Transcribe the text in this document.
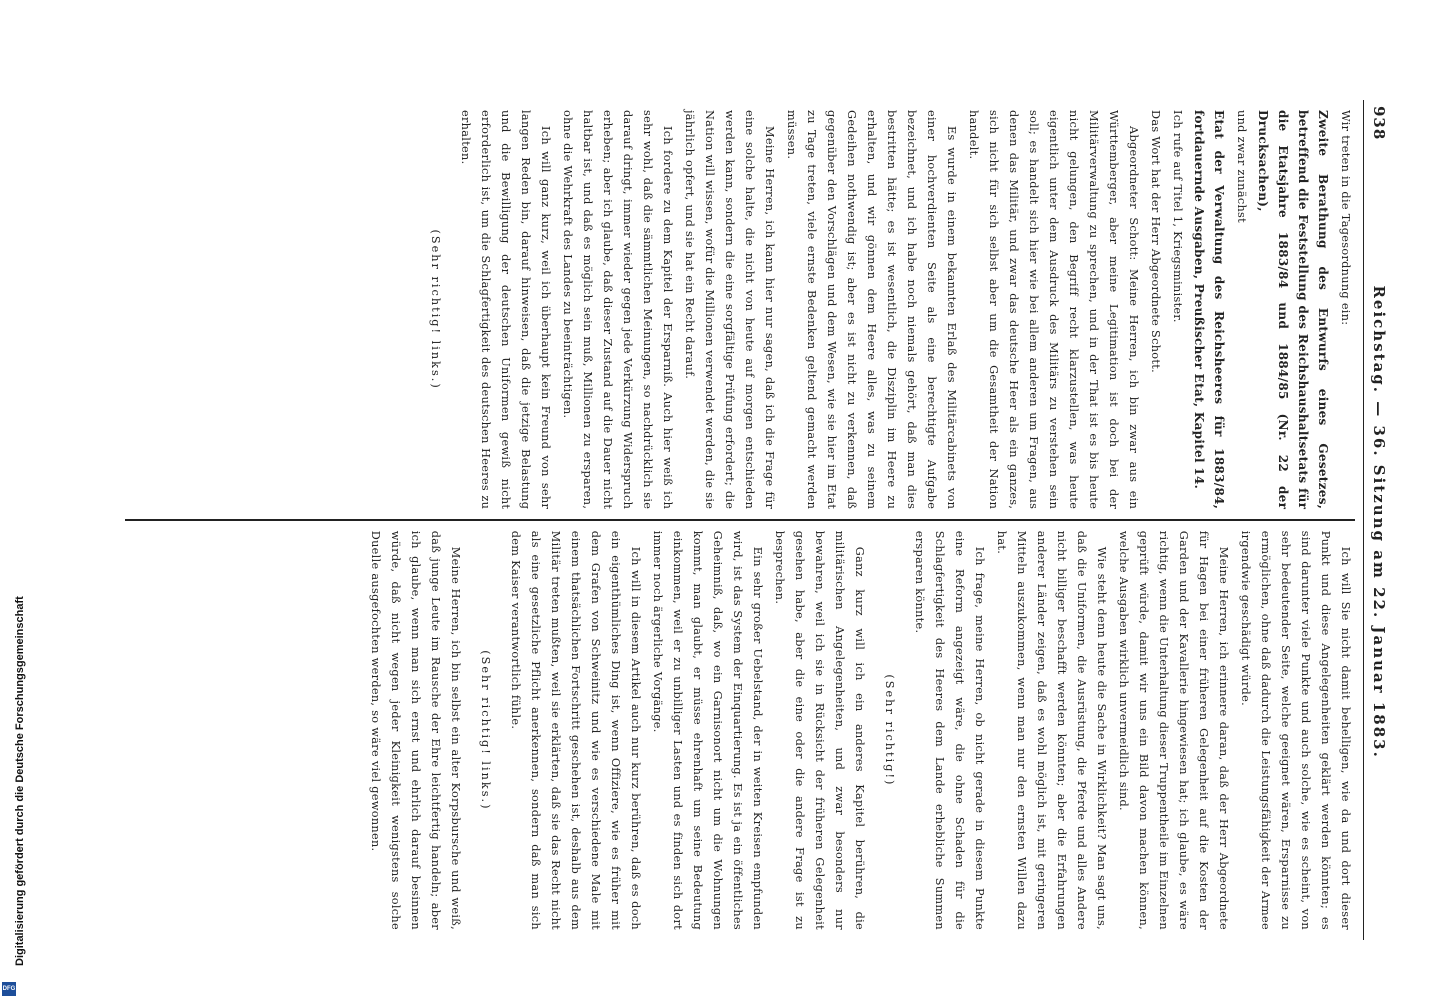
Digitalisierung gefördert durch die Deutsche Forschungsgemeinschaft
DFG
938
Reichstag. — 36. Sitzung am 22. Januar 1883.

Wir treten in die Tagesordnung ein:

Zweite Berathung des Entwurfs eines Gesetzes, betreffend die Feststellung des Reichshaushaltsetats für die Etatsjahre 1883/84 und 1884/85 (Nr. 22 der Drucksachen),

und zwar zunächst

Etat der Verwaltung des Reichsheeres für 1883/84, fortdauernde Ausgaben, Preußischer Etat, Kapitel 14.

Ich rufe auf Titel 1, Kriegsminister.

Das Wort hat der Herr Abgeordnete Schott.

Abgeordneter Schott: Meine Herren, ich bin zwar aus ein Württemberger, aber meine Legitimation ist doch bei der Militärverwaltung zu sprechen, und in der That ist es bis heute nicht gelungen, den Begriff recht klarzustellen, was heute eigentlich unter dem Ausdruck des Militärs zu verstehen sein soll; es handelt sich hier wie bei allem anderen um Fragen, aus denen das Militär, und zwar das deutsche Heer als ein ganzes, sich nicht für sich selbst aber um die Gesamtheit der Nation handelt.

Es wurde in einem bekannten Erlaß des Militärcabinets von einer hochverdienten Seite als eine berechtigte Aufgabe bezeichnet, und ich habe noch niemals gehört, daß man dies bestritten hätte; es ist wesentlich, die Disziplin im Heere zu erhalten, und wir gönnen dem Heere alles, was zu seinem Gedeihen nothwendig ist; aber es ist nicht zu verkennen, daß gegenüber den Vorschlägen und dem Wesen, wie sie hier im Etat zu Tage treten, viele ernste Bedenken geltend gemacht werden müssen.

Meine Herren, ich kann hier nur sagen, daß ich die Frage für eine solche halte, die nicht von heute auf morgen entschieden werden kann, sondern die eine sorgfältige Prüfung erfordert; die Nation will wissen, wofür die Millionen verwendet werden, die sie jährlich opfert, und sie hat ein Recht darauf.

Ich fordere zu dem Kapitel der Ersparniß. Auch hier weiß ich sehr wohl, daß die sämmtlichen Meinungen, so nachdrücklich sie darauf dringt, immer wieder gegen jede Verkürzung Widerspruch erheben; aber ich glaube, daß dieser Zustand auf die Dauer nicht haltbar ist, und daß es möglich sein muß, Millionen zu ersparen, ohne die Wehrkraft des Landes zu beeinträchtigen.

Ich will ganz kurz, weil ich überhaupt kein Freund von sehr langen Reden bin, darauf hinweisen, daß die jetzige Belastung und die Bewilligung der deutschen Uniformen gewiß nicht erforderlich ist, um die Schlagfertigkeit des deutschen Heeres zu erhalten.

(Sehr richtig! links.)

Ich will Sie nicht damit behelligen, wie da und dort dieser Punkt und diese Angelegenheiten geklärt werden könnten; es sind darunter viele Punkte und auch solche, wie es scheint, von sehr bedeutender Seite, welche geeignet wären, Ersparnisse zu ermöglichen, ohne daß dadurch die Leistungsfähigkeit der Armee irgendwie geschädigt würde.

Meine Herren, ich erinnere daran, daß der Herr Abgeordnete für Hagen bei einer früheren Gelegenheit auf die Kosten der Garden und der Kavallerie hingewiesen hat; ich glaube, es wäre richtig, wenn die Unterhaltung dieser Truppentheile im Einzelnen geprüft würde, damit wir uns ein Bild davon machen können, welche Ausgaben wirklich unvermeidlich sind.

Wie steht denn heute die Sache in Wirklichkeit? Man sagt uns, daß die Uniformen, die Ausrüstung, die Pferde und alles Andere nicht billiger beschafft werden könnten; aber die Erfahrungen anderer Länder zeigen, daß es wohl möglich ist, mit geringeren Mitteln auszukommen, wenn man nur den ernsten Willen dazu hat.

Ich frage, meine Herren, ob nicht gerade in diesem Punkte eine Reform angezeigt wäre, die ohne Schaden für die Schlagfertigkeit des Heeres dem Lande erhebliche Summen ersparen könnte.

(Sehr richtig!)

Ganz kurz will ich ein anderes Kapitel berühren, die militärischen Angelegenheiten, und zwar besonders nur bewahren, weil ich sie in Rücksicht der früheren Gelegenheit gesehen habe, aber die eine oder die andere Frage ist zu besprechen.

Ein sehr großer Uebelstand, der in weiten Kreisen empfunden wird, ist das System der Einquartierung. Es ist ja ein öffentliches Geheimniß, daß, wo ein Garnisonort nicht um die Wohnungen kommt, man glaubt, er müsse ehrenhaft um seine Bedeutung einkommen, weil er zu unbilliger Lasten und es finden sich dort immer noch ärgerliche Vorgänge.

Ich will in diesem Artikel auch nur kurz berühren, daß es doch ein eigenthümliches Ding ist, wenn Offiziere, wie es früher mit dem Grafen von Schweinitz und wie es verschiedene Male mit einem thatsächlichen Fortschritt geschehen ist, deshalb aus dem Militär treten mußten, weil sie erklärten, daß sie das Recht nicht als eine gesetzliche Pflicht anerkennen, sondern daß man sich dem Kaiser verantwortlich fühle.

(Sehr richtig! links.)

Meine Herren, ich bin selbst ein alter Korpsbursche und weiß, daß junge Leute im Rausche der Ehre leichtfertig handeln; aber ich glaube, wenn man sich ernst und ehrlich darauf besinnen würde, daß nicht wegen jeder Kleinigkeit wenigstens solche Duelle ausgefochten werden, so wäre viel gewonnen.
